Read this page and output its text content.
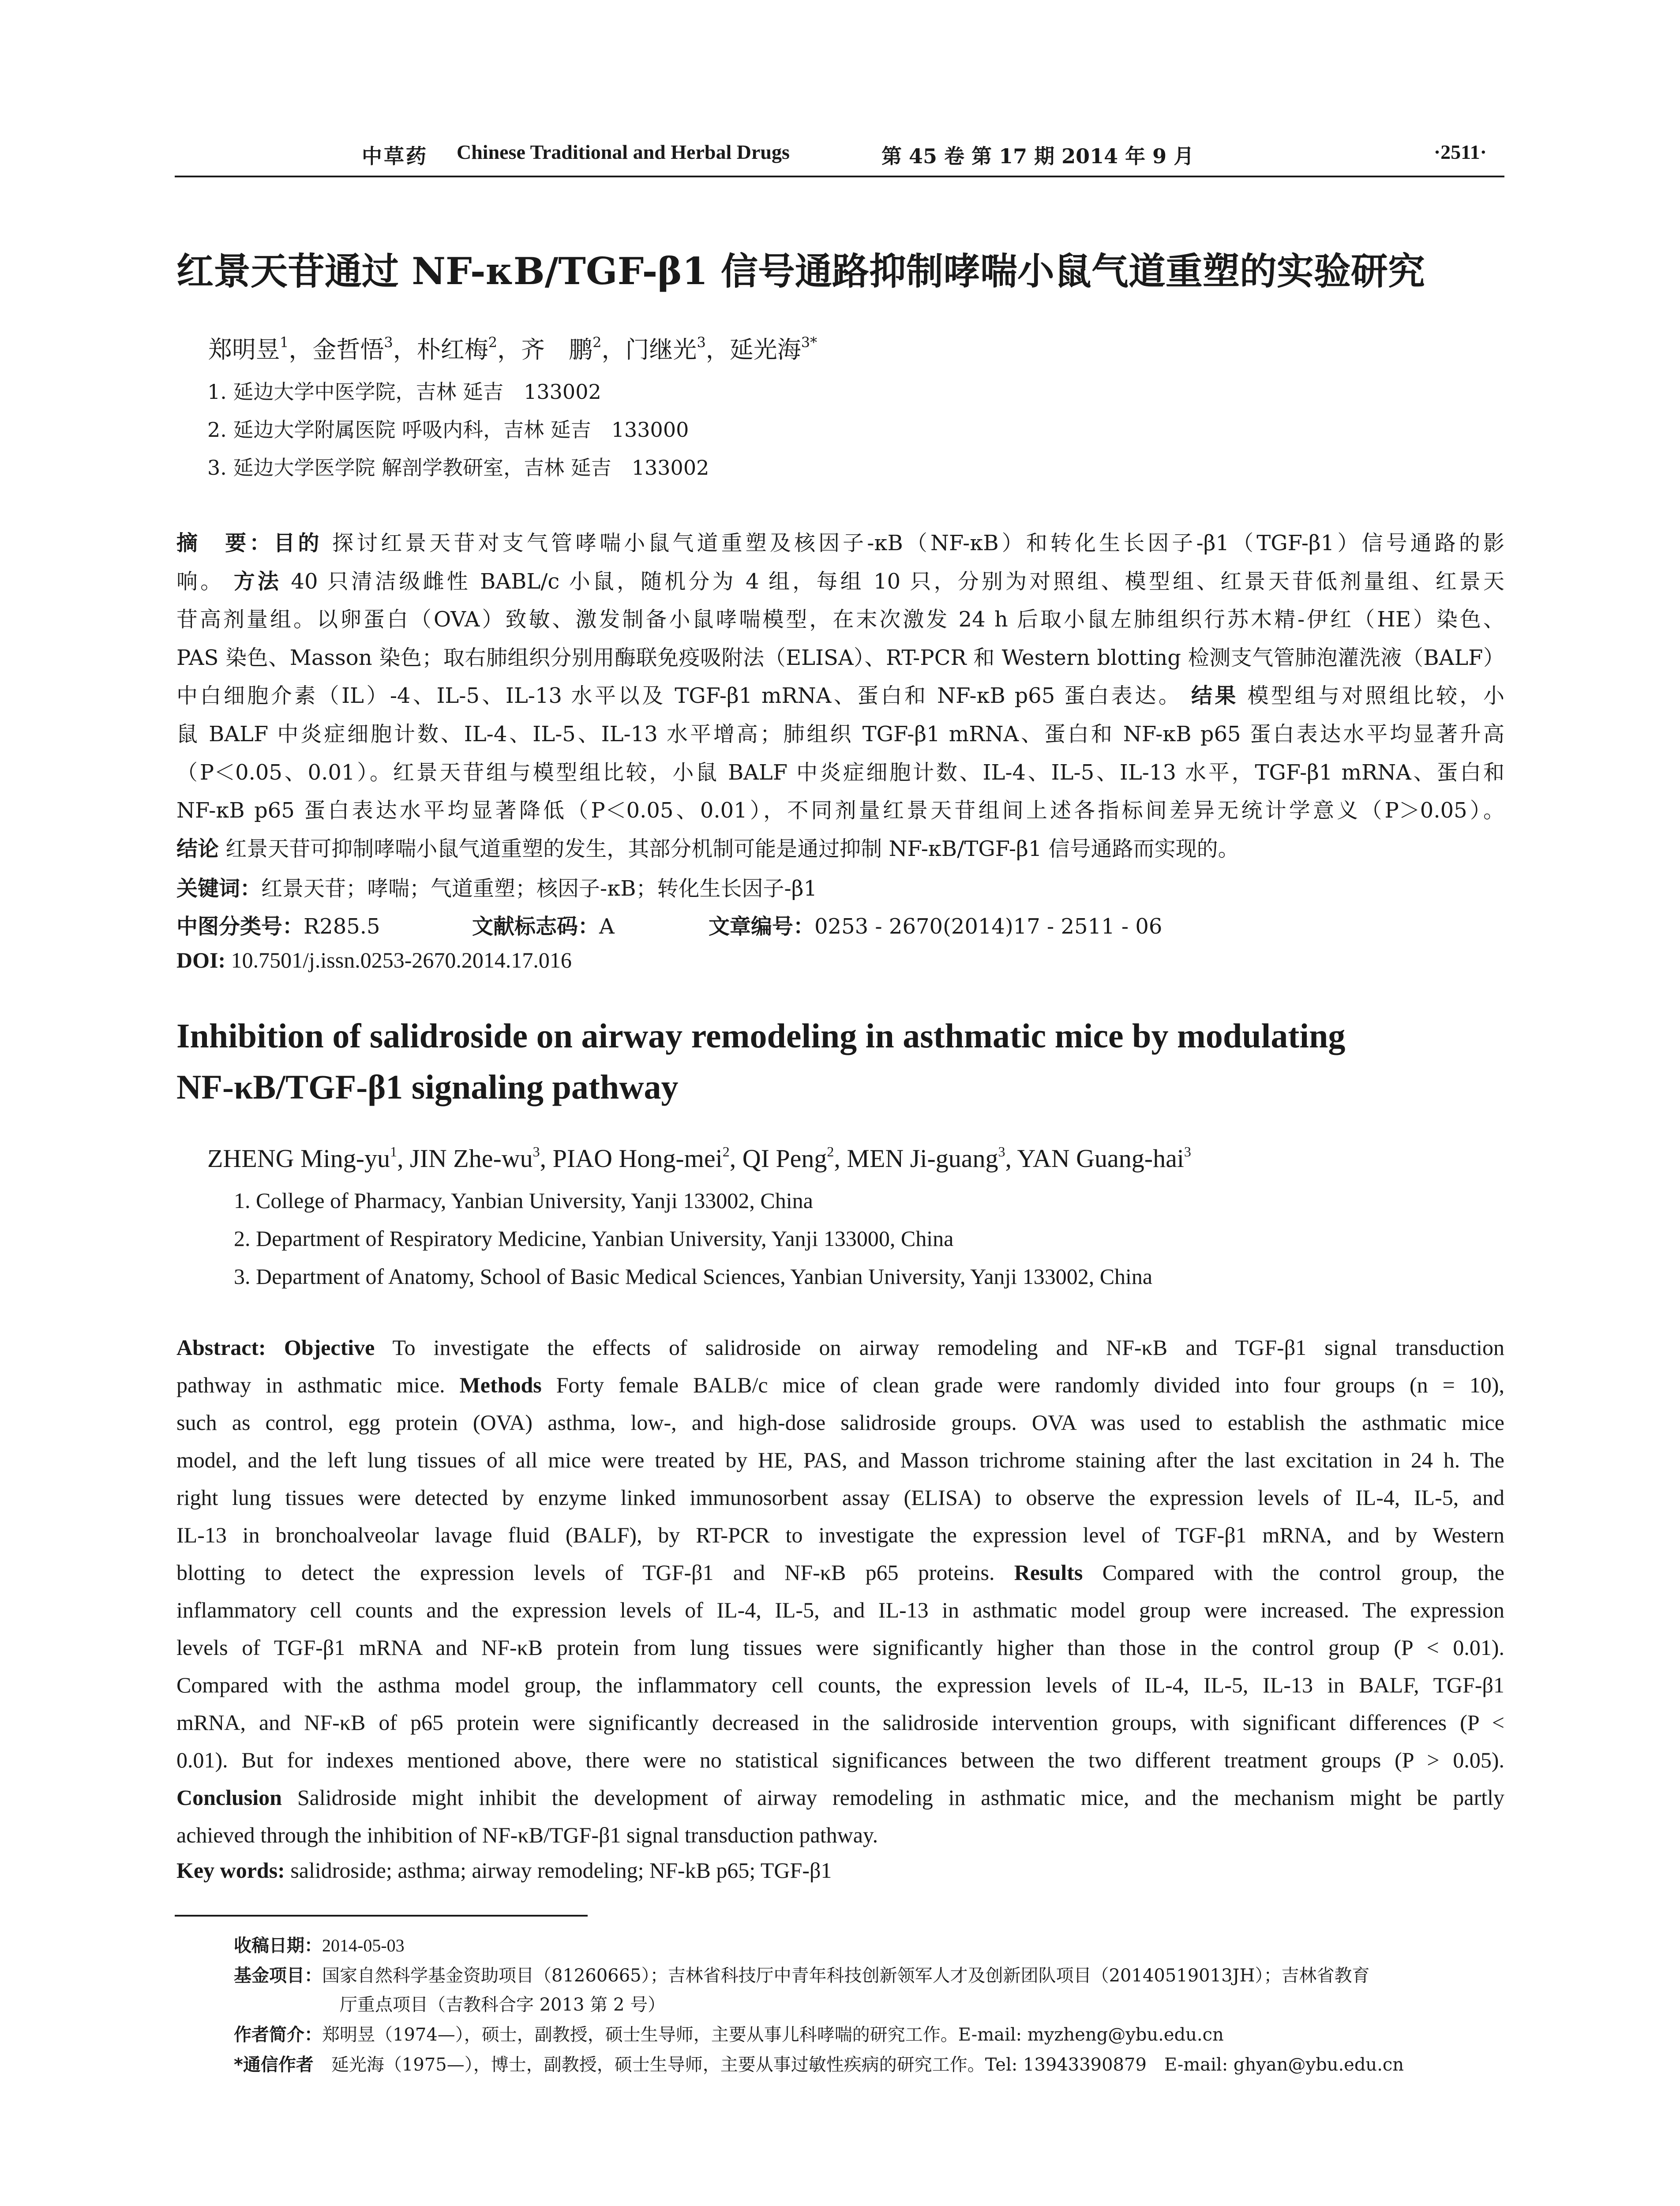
中草药 Chinese Traditional and Herbal Drugs	第 45 卷 第 17 期 2014 年 9 月	·2511·
红景天苷通过 NF-κB/TGF-β1 信号通路抑制哮喘小鼠气道重塑的实验研究
郑明昱$^1$，金哲悟$^3$，朴红梅$^2$，齐　鹏$^2$，门继光$^3$，延光海$^{3*}$
1. 延边大学中医学院，吉林 延吉　133002
2. 延边大学附属医院 呼吸内科，吉林 延吉　133000
3. 延边大学医学院 解剖学教研室，吉林 延吉　133002
摘　要：目的 探讨红景天苷对支气管哮喘小鼠气道重塑及核因子-κB（NF-κB）和转化生长因子-β1（TGF-β1）信号通路的影
响。 方法 40 只清洁级雌性 BABL/c 小鼠，随机分为 4 组，每组 10 只，分别为对照组、模型组、红景天苷低剂量组、红景天
苷高剂量组。以卵蛋白（OVA）致敏、激发制备小鼠哮喘模型，在末次激发 24 h 后取小鼠左肺组织行苏木精-伊红（HE）染色、
PAS 染色、Masson 染色；取右肺组织分别用酶联免疫吸附法（ELISA）、RT-PCR 和 Western blotting 检测支气管肺泡灌洗液（BALF）
中白细胞介素（IL）-4、IL-5、IL-13 水平以及 TGF-β1 mRNA、蛋白和 NF-κB p65 蛋白表达。 结果 模型组与对照组比较，小
鼠 BALF 中炎症细胞计数、IL-4、IL-5、IL-13 水平增高；肺组织 TGF-β1 mRNA、蛋白和 NF-κB p65 蛋白表达水平均显著升高
（P＜0.05、0.01）。红景天苷组与模型组比较，小鼠 BALF 中炎症细胞计数、IL-4、IL-5、IL-13 水平，TGF-β1 mRNA、蛋白和
NF-κB p65 蛋白表达水平均显著降低（P＜0.05、0.01），不同剂量红景天苷组间上述各指标间差异无统计学意义（P＞0.05）。
结论 红景天苷可抑制哮喘小鼠气道重塑的发生，其部分机制可能是通过抑制 NF-κB/TGF-β1 信号通路而实现的。
关键词：红景天苷；哮喘；气道重塑；核因子-κB；转化生长因子-β1
中图分类号：R285.5	文献标志码：A	文章编号：0253 - 2670(2014)17 - 2511 - 06
DOI: 10.7501/j.issn.0253-2670.2014.17.016
Inhibition of salidroside on airway remodeling in asthmatic mice by modulating
NF-κB/TGF-β1 signaling pathway
ZHENG Ming-$yu^1$, JIN Zhe-$wu^3$, PIAO Hong-mei$^2$, QI Peng$^2$, MEN Ji-guang$^3$, YAN Guang-hai$^3$
1. College of Pharmacy, Yanbian University, Yanji 133002, China
2. Department of Respiratory Medicine, Yanbian University, Yanji 133000, China
3. Department of Anatomy, School of Basic Medical Sciences, Yanbian University, Yanji 133002, China
Abstract: Objective To investigate the effects of salidroside on airway remodeling and NF-κB and TGF-β1 signal transduction
pathway in asthmatic mice. Methods Forty female BALB/c mice of clean grade were randomly divided into four groups (n = 10),
such as control, egg protein (OVA) asthma, low-, and high-dose salidroside groups. OVA was used to establish the asthmatic mice
model, and the left lung tissues of all mice were treated by HE, PAS, and Masson trichrome staining after the last excitation in 24 h. The
right lung tissues were detected by enzyme linked immunosorbent assay (ELISA) to observe the expression levels of IL-4, IL-5, and
IL-13 in bronchoalveolar lavage fluid (BALF), by RT-PCR to investigate the expression level of TGF-β1 mRNA, and by Western
blotting to detect the expression levels of TGF-β1 and NF-κB p65 proteins. Results Compared with the control group, the
inflammatory cell counts and the expression levels of IL-4, IL-5, and IL-13 in asthmatic model group were increased. The expression
levels of TGF-β1 mRNA and NF-κB protein from lung tissues were significantly higher than those in the control group (P < 0.01).
Compared with the asthma model group, the inflammatory cell counts, the expression levels of IL-4, IL-5, IL-13 in BALF, TGF-β1
mRNA, and NF-κB of p65 protein were significantly decreased in the salidroside intervention groups, with significant differences (P <
0.01). But for indexes mentioned above, there were no statistical significances between the two different treatment groups (P > 0.05).
Conclusion Salidroside might inhibit the development of airway remodeling in asthmatic mice, and the mechanism might be partly
achieved through the inhibition of NF-κB/TGF-β1 signal transduction pathway.
Key words: salidroside; asthma; airway remodeling; NF-kB p65; TGF-β1
收稿日期：2014-05-03
基金项目：国家自然科学基金资助项目（81260665）；吉林省科技厅中青年科技创新领军人才及创新团队项目（20140519013JH）；吉林省教育
厅重点项目（吉教科合字 2013 第 2 号）
作者简介：郑明昱（1974—），硕士，副教授，硕士生导师，主要从事儿科哮喘的研究工作。E-mail: myzheng@ybu.edu.cn
*通信作者　 延光海（1975—），博士，副教授，硕士生导师，主要从事过敏性疾病的研究工作。Tel: 13943390879　E-mail: ghyan@ybu.edu.cn
